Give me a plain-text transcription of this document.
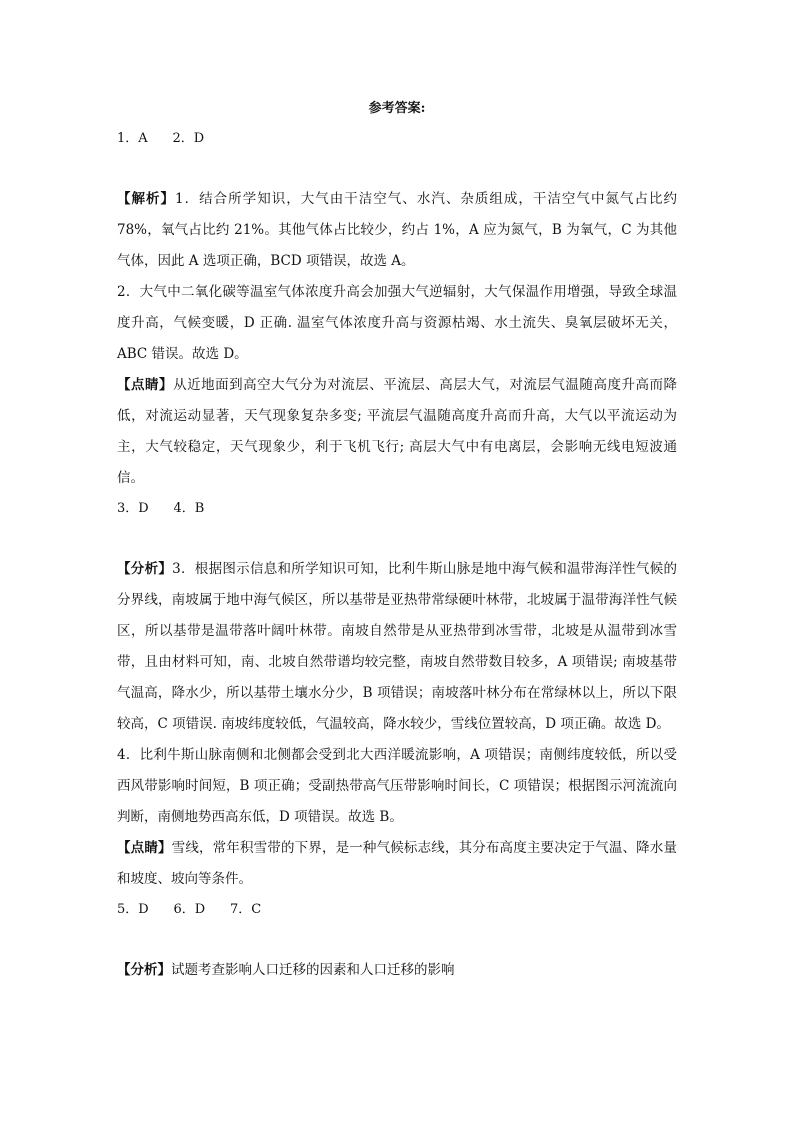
参考答案:
1．A      2．D

【解析】1．结合所学知识，大气由干洁空气、水汽、杂质组成，干洁空气中氮气占比约78%，氧气占比约 21%。其他气体占比较少，约占 1%，A 应为氮气，B 为氧气，C 为其他气体，因此 A 选项正确，BCD 项错误，故选 A。

2．大气中二氧化碳等温室气体浓度升高会加强大气逆辐射，大气保温作用增强，导致全球温度升高，气候变暖，D 正确. 温室气体浓度升高与资源枯竭、水土流失、臭氧层破坏无关，ABC 错误。故选 D。

【点睛】从近地面到高空大气分为对流层、平流层、高层大气，对流层气温随高度升高而降低，对流运动显著，天气现象复杂多变; 平流层气温随高度升高而升高，大气以平流运动为主，大气较稳定，天气现象少，利于飞机飞行; 高层大气中有电离层，会影响无线电短波通信。

3．D      4．B

【分析】3．根据图示信息和所学知识可知，比利牛斯山脉是地中海气候和温带海洋性气候的分界线，南坡属于地中海气候区，所以基带是亚热带常绿硬叶林带，北坡属于温带海洋性气候区，所以基带是温带落叶阔叶林带。南坡自然带是从亚热带到冰雪带，北坡是从温带到冰雪带，且由材料可知，南、北坡自然带谱均较完整，南坡自然带数目较多，A 项错误; 南坡基带气温高，降水少，所以基带土壤水分少，B 项错误；南坡落叶林分布在常绿林以上，所以下限较高，C 项错误. 南坡纬度较低，气温较高，降水较少，雪线位置较高，D 项正确。故选 D。

4．比利牛斯山脉南侧和北侧都会受到北大西洋暖流影响，A 项错误；南侧纬度较低，所以受西风带影响时间短，B 项正确；受副热带高气压带影响时间长，C 项错误；根据图示河流流向判断，南侧地势西高东低，D 项错误。故选 B。

【点睛】雪线，常年积雪带的下界，是一种气候标志线，其分布高度主要决定于气温、降水量和坡度、坡向等条件。

5．D      6．D      7．C

【分析】试题考查影响人口迁移的因素和人口迁移的影响
